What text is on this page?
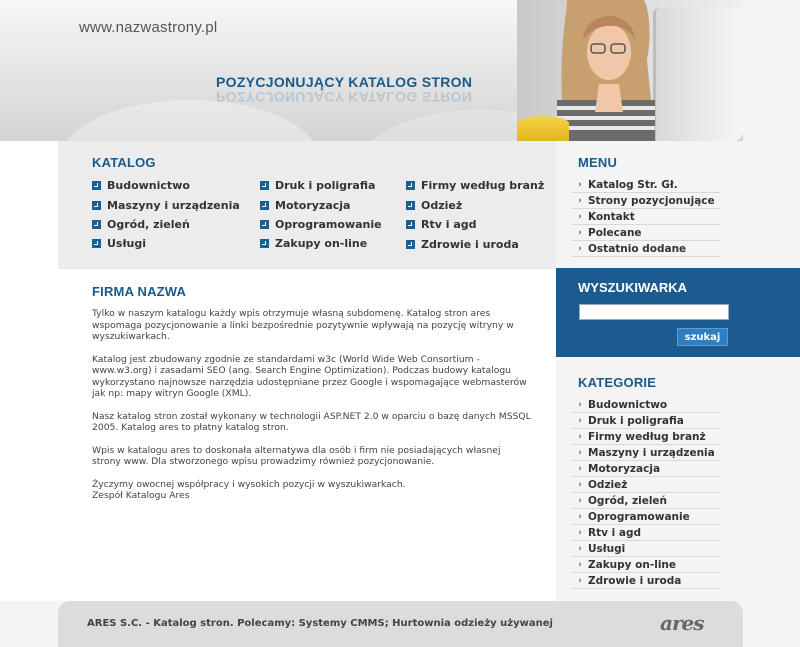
www.nazwastrony.pl
POZYCJONUJĄCY KATALOG STRON
POZYCJONUJĄCY KATALOG STRON
KATALOG
Budownictwo
Maszyny i urządzenia
Ogród, zieleń
Usługi
Druk i poligrafia
Motoryzacja
Oprogramowanie
Zakupy on-line
Firmy według branż
Odzież
Rtv i agd
Zdrowie i uroda
FIRMA NAZWA

Tylko w naszym katalogu każdy wpis otrzymuje własną subdomenę. Katalog stron ares wspomaga pozycjonowanie a linki bezpośrednie pozytywnie wpływają na pozycję witryny w wyszukiwarkach.

Katalog jest zbudowany zgodnie ze standardami w3c (World Wide Web Consortium - www.w3.org) i zasadami SEO (ang. Search Engine Optimization). Podczas budowy katalogu wykorzystano najnowsze narzędzia udostępniane przez Google i wspomagające webmasterów jak np: mapy witryn Google (XML).

Nasz katalog stron został wykonany w technologii ASP.NET 2.0 w oparciu o bazę danych MSSQL 2005. Katalog ares to płatny katalog stron.

Wpis w katalogu ares to doskonała alternatywa dla osób i firm nie posiadających własnej strony www. Dla stworzonego wpisu prowadzimy również pozycjonowanie.

Życzymy owocnej współpracy i wysokich pozycji w wyszukiwarkach.
Zespół Katalogu Ares
MENU
› Katalog Str. Gł.
› Strony pozycjonujące
› Kontakt
› Polecane
› Ostatnio dodane
WYSZUKIWARKA
szukaj
KATEGORIE
› Budownictwo
› Druk i poligrafia
› Firmy według branż
› Maszyny i urządzenia
› Motoryzacja
› Odzież
› Ogród, zieleń
› Oprogramowanie
› Rtv i agd
› Usługi
› Zakupy on-line
› Zdrowie i uroda
ARES S.C. - Katalog stron. Polecamy: Systemy CMMS; Hurtownia odzieży używanej	ares
